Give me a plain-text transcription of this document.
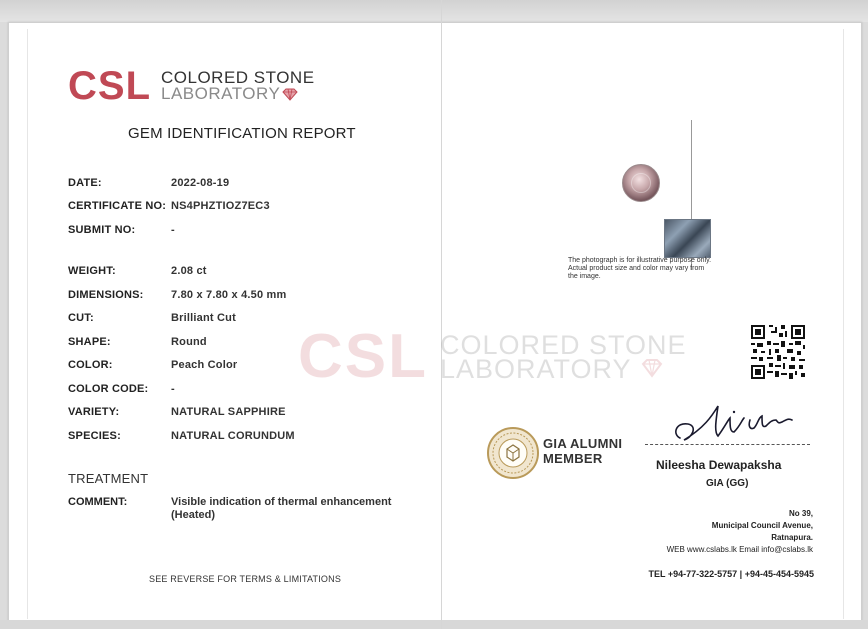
CSL COLORED STONE
LABORATORY
CSL COLORED STONE
LABORATORY
GEM IDENTIFICATION REPORT
DATE:	2022-08-19
CERTIFICATE NO: NS4PHZTIOZ7EC3
SUBMIT NO:	-
WEIGHT:	2.08 ct
DIMENSIONS:	7.80 x 7.80 x 4.50 mm
CUT:	Brilliant Cut
SHAPE:	Round
COLOR:	Peach Color
COLOR CODE:	-
VARIETY:	NATURAL SAPPHIRE
SPECIES:	NATURAL CORUNDUM
TREATMENT
COMMENT:	Visible indication of thermal enhancement (Heated)
SEE REVERSE FOR TERMS & LIMITATIONS
The photograph is for illustrative purpose only. Actual product size and color may vary from the image.
Nileesha Dewapaksha
GIA (GG)
GIA ALUMNI
MEMBER
No 39,
Municipal Council Avenue,
Ratnapura.
WEB www.cslabs.lk Email info@cslabs.lk
TEL +94-77-322-5757 | +94-45-454-5945
